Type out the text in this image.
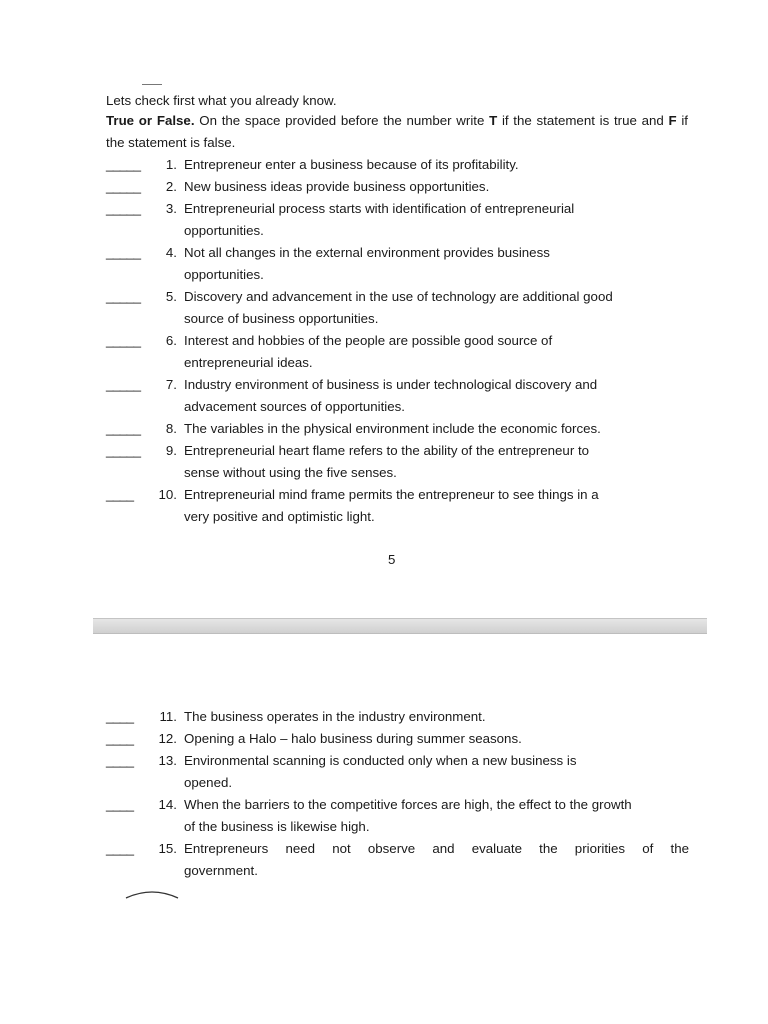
Lets check first what you already know.
True or False. On the space provided before the number write T if the statement is true and F if the statement is false.
_____	1. Entrepreneur enter a business because of its profitability.
_____	2. New business ideas provide business opportunities.
_____	3. Entrepreneurial process starts with identification of entrepreneurial
opportunities.
_____	4. Not all changes in the external environment provides business
opportunities.
_____	5. Discovery and advancement in the use of technology are additional good
source of business opportunities.
_____	6. Interest and hobbies of the people are possible good source of
entrepreneurial ideas.
_____	7. Industry environment of business is under technological discovery and
advacement sources of opportunities.
_____	8. The variables in the physical environment include the economic forces.
_____	9. Entrepreneurial heart flame refers to the ability of the entrepreneur to
sense without using the five senses.
____	10. Entrepreneurial mind frame permits the entrepreneur to see things in a
very positive and optimistic light.
5
____	11. The business operates in the industry environment.
____	12. Opening a Halo – halo business during summer seasons.
____	13. Environmental scanning is conducted only when a new business is
opened.
____	14. When the barriers to the competitive forces are high, the effect to the growth
of the business is likewise high.
____	15. Entrepreneurs need not observe and evaluate the priorities of the
government.
